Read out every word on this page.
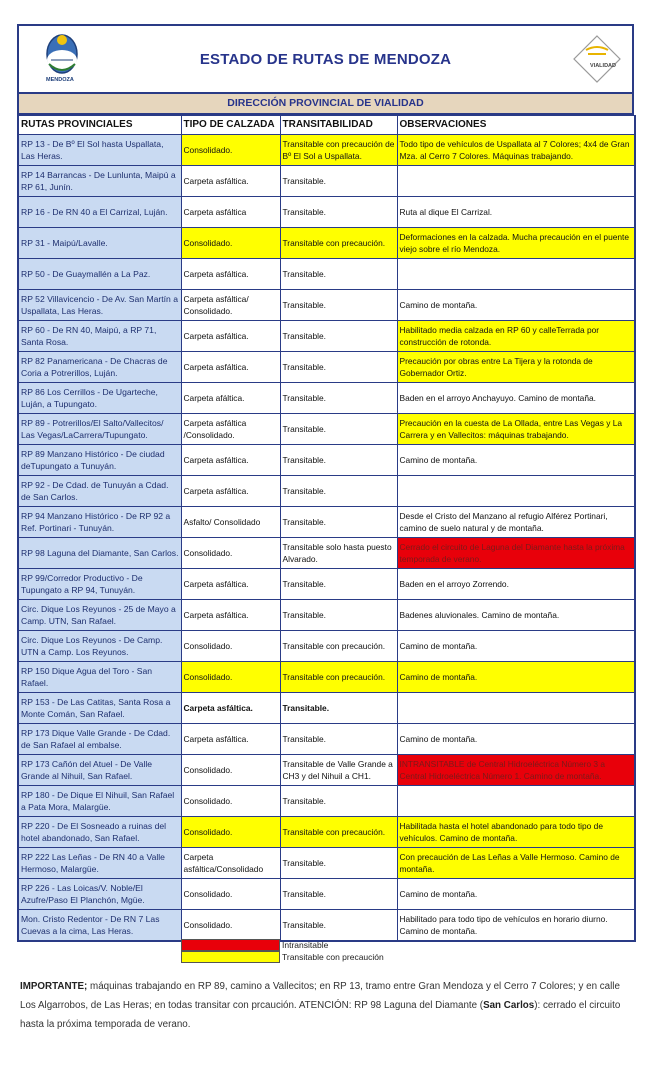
MENDOZA
ESTADO DE RUTAS DE MENDOZA	VIALIDAD
DIRECCIÓN PROVINCIAL DE VIALIDAD
RUTAS PROVINCIALES	TIPO DE CALZADA	TRANSITABILIDAD	OBSERVACIONES
RP 13 - De Bº El Sol hasta Uspallata, Las Heras.	Consolidado.	Transitable con precaución de Bº El Sol a Uspallata.	Todo tipo de vehículos de Uspallata al 7 Colores; 4x4 de Gran Mza. al Cerro 7 Colores. Máquinas trabajando.
RP 14 Barrancas - De Lunlunta, Maipú a RP 61, Junín.	Carpeta asfáltica.	Transitable.	
RP 16 - De RN 40 a El Carrizal, Luján.	Carpeta asfáltica	Transitable.	Ruta al dique El Carrizal.
RP 31 - Maipú/Lavalle.	Consolidado.	Transitable con precaución.	Deformaciones en la calzada. Mucha precaución en el puente viejo sobre el río Mendoza.
RP 50 - De Guaymallén a La Paz.	Carpeta asfáltica.	Transitable.	
RP 52 Villavicencio - De Av. San Martín a Uspallata, Las Heras.	Carpeta asfáltica/ Consolidado.	Transitable.	Camino de montaña.
RP 60 - De RN 40, Maipú, a RP 71, Santa Rosa.	Carpeta asfáltica.	Transitable.	Habilitado media calzada en RP 60 y calleTerrada por construcción de rotonda.
RP 82 Panamericana - De Chacras de Coria a Potrerillos, Luján.	Carpeta asfáltica.	Transitable.	Precaución por obras entre La Tijera y la rotonda de Gobernador Ortiz.
RP 86 Los Cerrillos - De Ugarteche, Luján, a Tupungato.	Carpeta afáltica.	Transitable.	Baden en el arroyo Anchayuyo. Camino de montaña.
RP 89 - Potrerillos/El Salto/Vallecitos/ Las Vegas/LaCarrera/Tupungato.	Carpeta asfáltica /Consolidado.	Transitable.	Precaución en la cuesta de La Ollada, entre Las Vegas y La Carrera y en Vallecitos: máquinas trabajando.
RP 89 Manzano Histórico - De ciudad deTupungato a Tunuyán.	Carpeta asfáltica.	Transitable.	Camino de montaña.
RP 92 - De Cdad. de Tunuyán a Cdad. de San Carlos.	Carpeta asfáltica.	Transitable.	
RP 94 Manzano Histórico - De RP 92 a Ref. Portinari - Tunuyán.	Asfalto/ Consolidado	Transitable.	Desde el Cristo del Manzano al refugio Alférez Portinari, camino de suelo natural y de montaña.
RP 98 Laguna del Diamante, San Carlos.	Consolidado.	Transitable solo hasta puesto Alvarado.	Cerrado el circuito de Laguna del Diamante hasta la próxima temporada de verano.
RP 99/Corredor Productivo - De Tupungato a RP 94, Tunuyán.	Carpeta asfáltica.	Transitable.	Baden en el arroyo Zorrendo.
Circ. Dique Los Reyunos - 25 de Mayo a Camp. UTN, San Rafael.	Carpeta asfáltica.	Transitable.	Badenes aluvionales. Camino de montaña.
Circ. Dique Los Reyunos - De Camp. UTN a Camp. Los Reyunos.	Consolidado.	Transitable con precaución.	Camino de montaña.
RP 150 Dique Agua del Toro - San Rafael.	Consolidado.	Transitable con precaución.	Camino de montaña.
RP 153 - De Las Catitas, Santa Rosa a Monte Comán, San Rafael.	Carpeta asfáltica.	Transitable.	
RP 173 Dique Valle Grande - De Cdad. de San Rafael al embalse.	Carpeta asfáltica.	Transitable.	Camino de montaña.
RP 173 Cañón del Atuel - De Valle Grande al Nihuil, San Rafael.	Consolidado.	Transitable de Valle Grande a CH3 y del Nihuil a CH1.	INTRANSITABLE de Central Hidroeléctrica Número 3 a Central Hidroeléctrica Número 1. Camino de montaña.
RP 180 - De Dique El Nihuil, San Rafael a Pata Mora, Malargüe.	Consolidado.	Transitable.	
RP 220 - De El Sosneado a ruinas del hotel abandonado, San Rafael.	Consolidado.	Transitable con precaución.	Habilitada hasta el hotel abandonado para todo tipo de vehículos. Camino de montaña.
RP 222 Las Leñas - De RN 40 a Valle Hermoso, Malargüe.	Carpeta asfáltica/Consolidado	Transitable.	Con precaución de Las Leñas a Valle Hermoso. Camino de montaña.
RP 226 - Las Loicas/V. Noble/El Azufre/Paso El Planchón, Mgüe.	Consolidado.	Transitable.	Camino de montaña.
Mon. Cristo Redentor - De RN 7 Las Cuevas a la cima, Las Heras.	Consolidado.	Transitable.	Habilitado para todo tipo de vehículos en horario diurno. Camino de montaña.
Intransitable
Transitable con precaución
IMPORTANTE; máquinas trabajando en RP 89, camino a Vallecitos; en RP 13, tramo entre Gran Mendoza y el Cerro 7 Colores; y en calle Los Algarrobos, de Las Heras; en todas transitar con prcaución. ATENCIÓN: RP 98 Laguna del Diamante (San Carlos): cerrado el circuito hasta la próxima temporada de verano.
